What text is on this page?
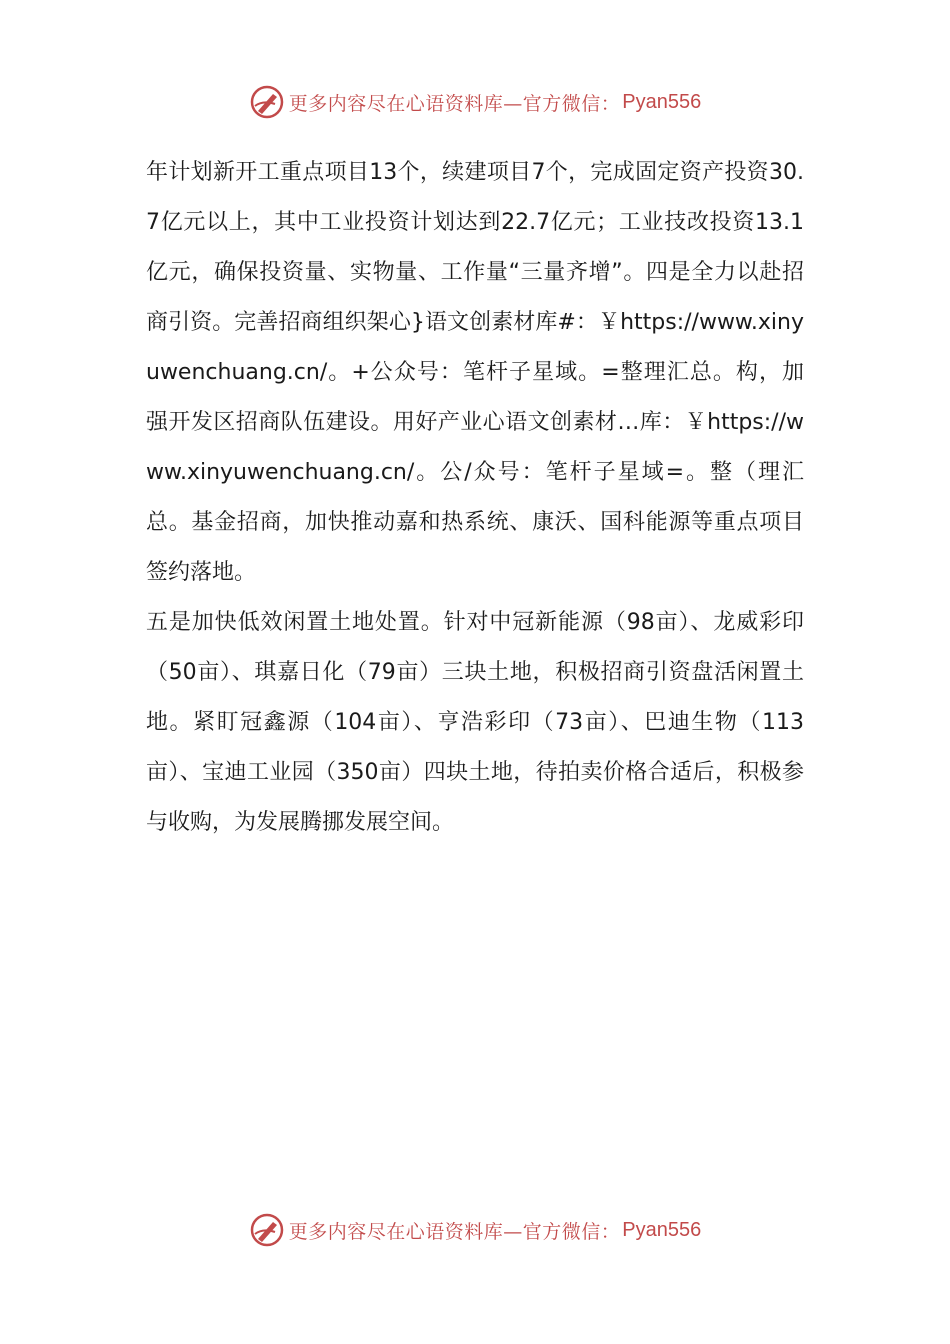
更多内容尽在心语资料库—官方微信： Pyan556

年计划新开工重点项目13个，续建项目7个，完成固定资产投资30.7亿元以上，其中工业投资计划达到22.7亿元；工业技改投资13.1亿元，确保投资量、实物量、工作量“三量齐增”。四是全力以赴招商引资。完善招商组织架心}语文创素材库#：￥https://www.xinyuwenchuang.cn/。+公众号：笔杆子星域。=整理汇总。构，加强开发区招商队伍建设。用好产业心语文创素材…库：￥https://www.xinyuwenchuang.cn/。公/众号：笔杆子星域=。整（理汇总。基金招商，加快推动嘉和热系统、康沃、国科能源等重点项目签约落地。

五是加快低效闲置土地处置。针对中冠新能源（98亩）、龙威彩印（50亩）、琪嘉日化（79亩）三块土地，积极招商引资盘活闲置土地。紧盯冠鑫源（104亩）、亨浩彩印（73亩）、巴迪生物（113亩）、宝迪工业园（350亩）四块土地，待拍卖价格合适后，积极参与收购，为发展腾挪发展空间。

更多内容尽在心语资料库—官方微信： Pyan556
